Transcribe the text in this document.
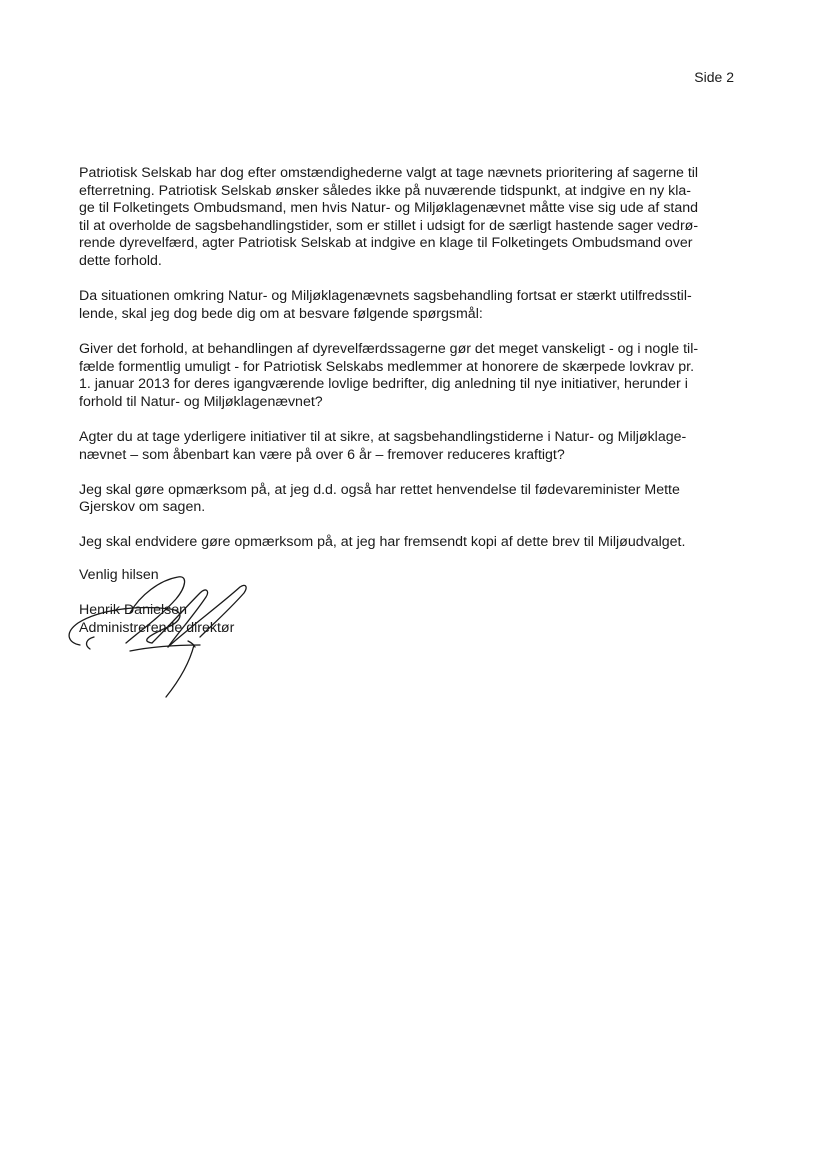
Side 2

Patriotisk Selskab har dog efter omstændighederne valgt at tage nævnets prioritering af sagerne til
efterretning. Patriotisk Selskab ønsker således ikke på nuværende tidspunkt, at indgive en ny kla-
ge til Folketingets Ombudsmand, men hvis Natur- og Miljøklagenævnet måtte vise sig ude af stand
til at overholde de sagsbehandlingstider, som er stillet i udsigt for de særligt hastende sager vedrø-
rende dyrevelfærd, agter Patriotisk Selskab at indgive en klage til Folketingets Ombudsmand over
dette forhold.

Da situationen omkring Natur- og Miljøklagenævnets sagsbehandling fortsat er stærkt utilfredsstil-
lende, skal jeg dog bede dig om at besvare følgende spørgsmål:

Giver det forhold, at behandlingen af dyrevelfærdssagerne gør det meget vanskeligt - og i nogle til-
fælde formentlig umuligt - for Patriotisk Selskabs medlemmer at honorere de skærpede lovkrav pr.
1. januar 2013 for deres igangværende lovlige bedrifter, dig anledning til nye initiativer, herunder i
forhold til Natur- og Miljøklagenævnet?

Agter du at tage yderligere initiativer til at sikre, at sagsbehandlingstiderne i Natur- og Miljøklage-
nævnet – som åbenbart kan være på over 6 år – fremover reduceres kraftigt?

Jeg skal gøre opmærksom på, at jeg d.d. også har rettet henvendelse til fødevareminister Mette
Gjerskov om sagen.

Jeg skal endvidere gøre opmærksom på, at jeg har fremsendt kopi af dette brev til Miljøudvalget.

Venlig hilsen
Henrik Danielsen
Administrerende direktør
